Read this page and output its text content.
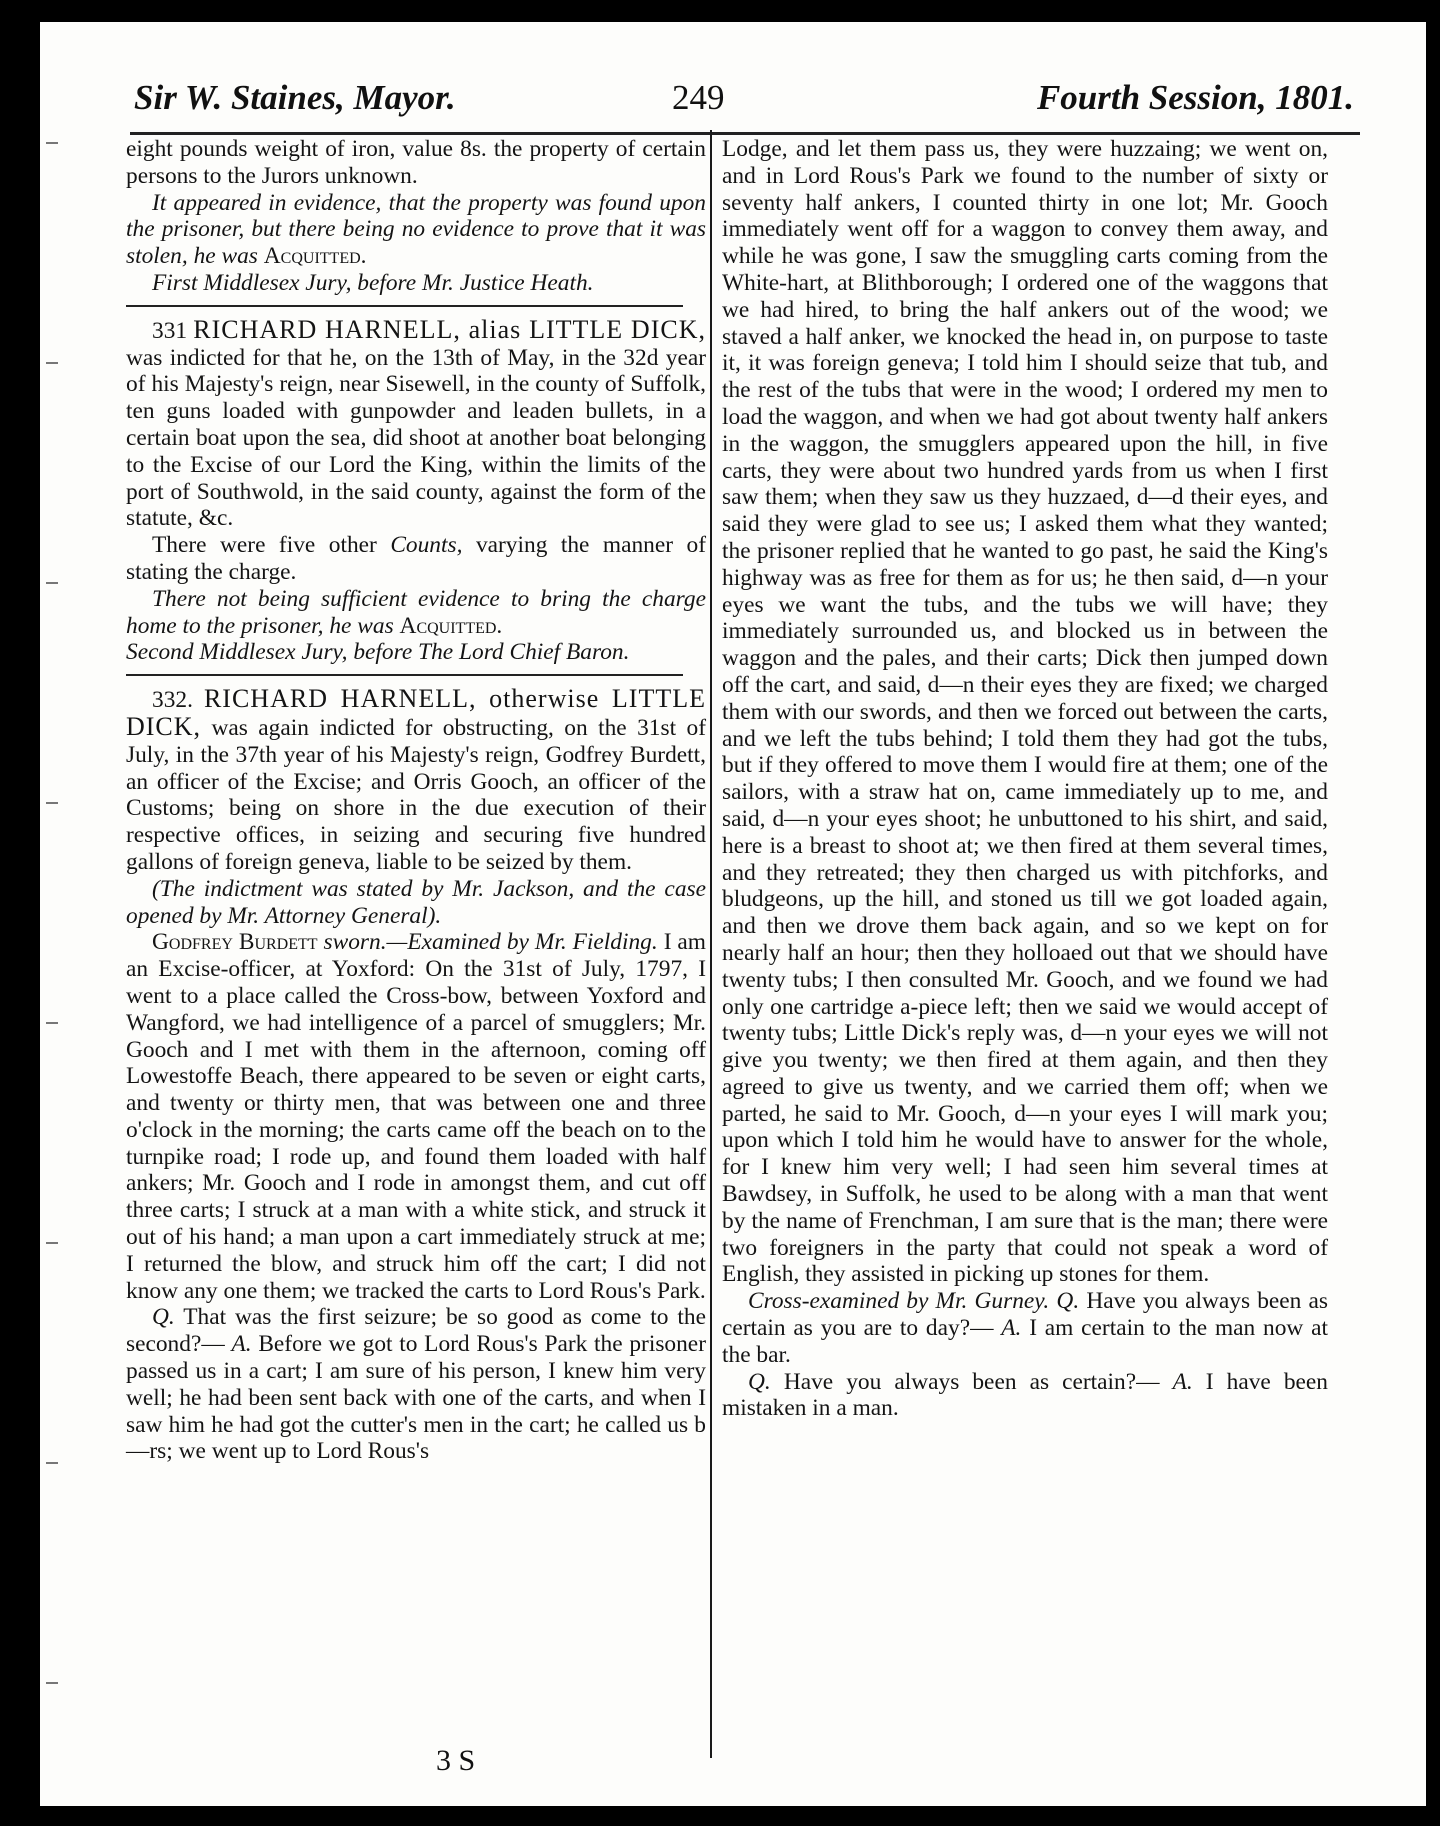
Sir W. Staines, Mayor.	249	Fourth Session, 1801.

eight pounds weight of iron, value 8s. the property of certain persons to the Jurors unknown.

It appeared in evidence, that the property was found upon the prisoner, but there being no evidence to prove that it was stolen, he was Acquitted.

First Middlesex Jury, before Mr. Justice Heath.

331 RICHARD HARNELL, alias LITTLE DICK, was indicted for that he, on the 13th of May, in the 32d year of his Majesty's reign, near Sisewell, in the county of Suffolk, ten guns loaded with gunpowder and leaden bullets, in a certain boat upon the sea, did shoot at another boat belonging to the Excise of our Lord the King, within the limits of the port of Southwold, in the said county, against the form of the statute, &c.

There were five other Counts, varying the manner of stating the charge.

There not being sufficient evidence to bring the charge home to the prisoner, he was Acquitted.

Second Middlesex Jury, before The Lord Chief Baron.

332. RICHARD HARNELL, otherwise LITTLE DICK, was again indicted for obstructing, on the 31st of July, in the 37th year of his Majesty's reign, Godfrey Burdett, an officer of the Excise; and Orris Gooch, an officer of the Customs; being on shore in the due execution of their respective offices, in seizing and securing five hundred gallons of foreign geneva, liable to be seized by them.

(The indictment was stated by Mr. Jackson, and the case opened by Mr. Attorney General).

Godfrey Burdett sworn.—Examined by Mr. Fielding. I am an Excise-officer, at Yoxford: On the 31st of July, 1797, I went to a place called the Cross-bow, between Yoxford and Wangford, we had intelligence of a parcel of smugglers; Mr. Gooch and I met with them in the afternoon, coming off Lowestoffe Beach, there appeared to be seven or eight carts, and twenty or thirty men, that was between one and three o'clock in the morning; the carts came off the beach on to the turnpike road; I rode up, and found them loaded with half ankers; Mr. Gooch and I rode in amongst them, and cut off three carts; I struck at a man with a white stick, and struck it out of his hand; a man upon a cart immediately struck at me; I returned the blow, and struck him off the cart; I did not know any one them; we tracked the carts to Lord Rous's Park.

Q. That was the first seizure; be so good as come to the second?— A. Before we got to Lord Rous's Park the prisoner passed us in a cart; I am sure of his person, I knew him very well; he had been sent back with one of the carts, and when I saw him he had got the cutter's men in the cart; he called us b—rs; we went up to Lord Rous's

Lodge, and let them pass us, they were huzzaing; we went on, and in Lord Rous's Park we found to the number of sixty or seventy half ankers, I counted thirty in one lot; Mr. Gooch immediately went off for a waggon to convey them away, and while he was gone, I saw the smuggling carts coming from the White-hart, at Blithborough; I ordered one of the waggons that we had hired, to bring the half ankers out of the wood; we staved a half anker, we knocked the head in, on purpose to taste it, it was foreign geneva; I told him I should seize that tub, and the rest of the tubs that were in the wood; I ordered my men to load the waggon, and when we had got about twenty half ankers in the waggon, the smugglers appeared upon the hill, in five carts, they were about two hundred yards from us when I first saw them; when they saw us they huzzaed, d—d their eyes, and said they were glad to see us; I asked them what they wanted; the prisoner replied that he wanted to go past, he said the King's highway was as free for them as for us; he then said, d—n your eyes we want the tubs, and the tubs we will have; they immediately surrounded us, and blocked us in between the waggon and the pales, and their carts; Dick then jumped down off the cart, and said, d—n their eyes they are fixed; we charged them with our swords, and then we forced out between the carts, and we left the tubs behind; I told them they had got the tubs, but if they offered to move them I would fire at them; one of the sailors, with a straw hat on, came immediately up to me, and said, d—n your eyes shoot; he unbuttoned to his shirt, and said, here is a breast to shoot at; we then fired at them several times, and they retreated; they then charged us with pitchforks, and bludgeons, up the hill, and stoned us till we got loaded again, and then we drove them back again, and so we kept on for nearly half an hour; then they holloaed out that we should have twenty tubs; I then consulted Mr. Gooch, and we found we had only one cartridge a-piece left; then we said we would accept of twenty tubs; Little Dick's reply was, d—n your eyes we will not give you twenty; we then fired at them again, and then they agreed to give us twenty, and we carried them off; when we parted, he said to Mr. Gooch, d—n your eyes I will mark you; upon which I told him he would have to answer for the whole, for I knew him very well; I had seen him several times at Bawdsey, in Suffolk, he used to be along with a man that went by the name of Frenchman, I am sure that is the man; there were two foreigners in the party that could not speak a word of English, they assisted in picking up stones for them.

Cross-examined by Mr. Gurney. Q. Have you always been as certain as you are to day?— A. I am certain to the man now at the bar.

Q. Have you always been as certain?— A. I have been mistaken in a man.

3 S
